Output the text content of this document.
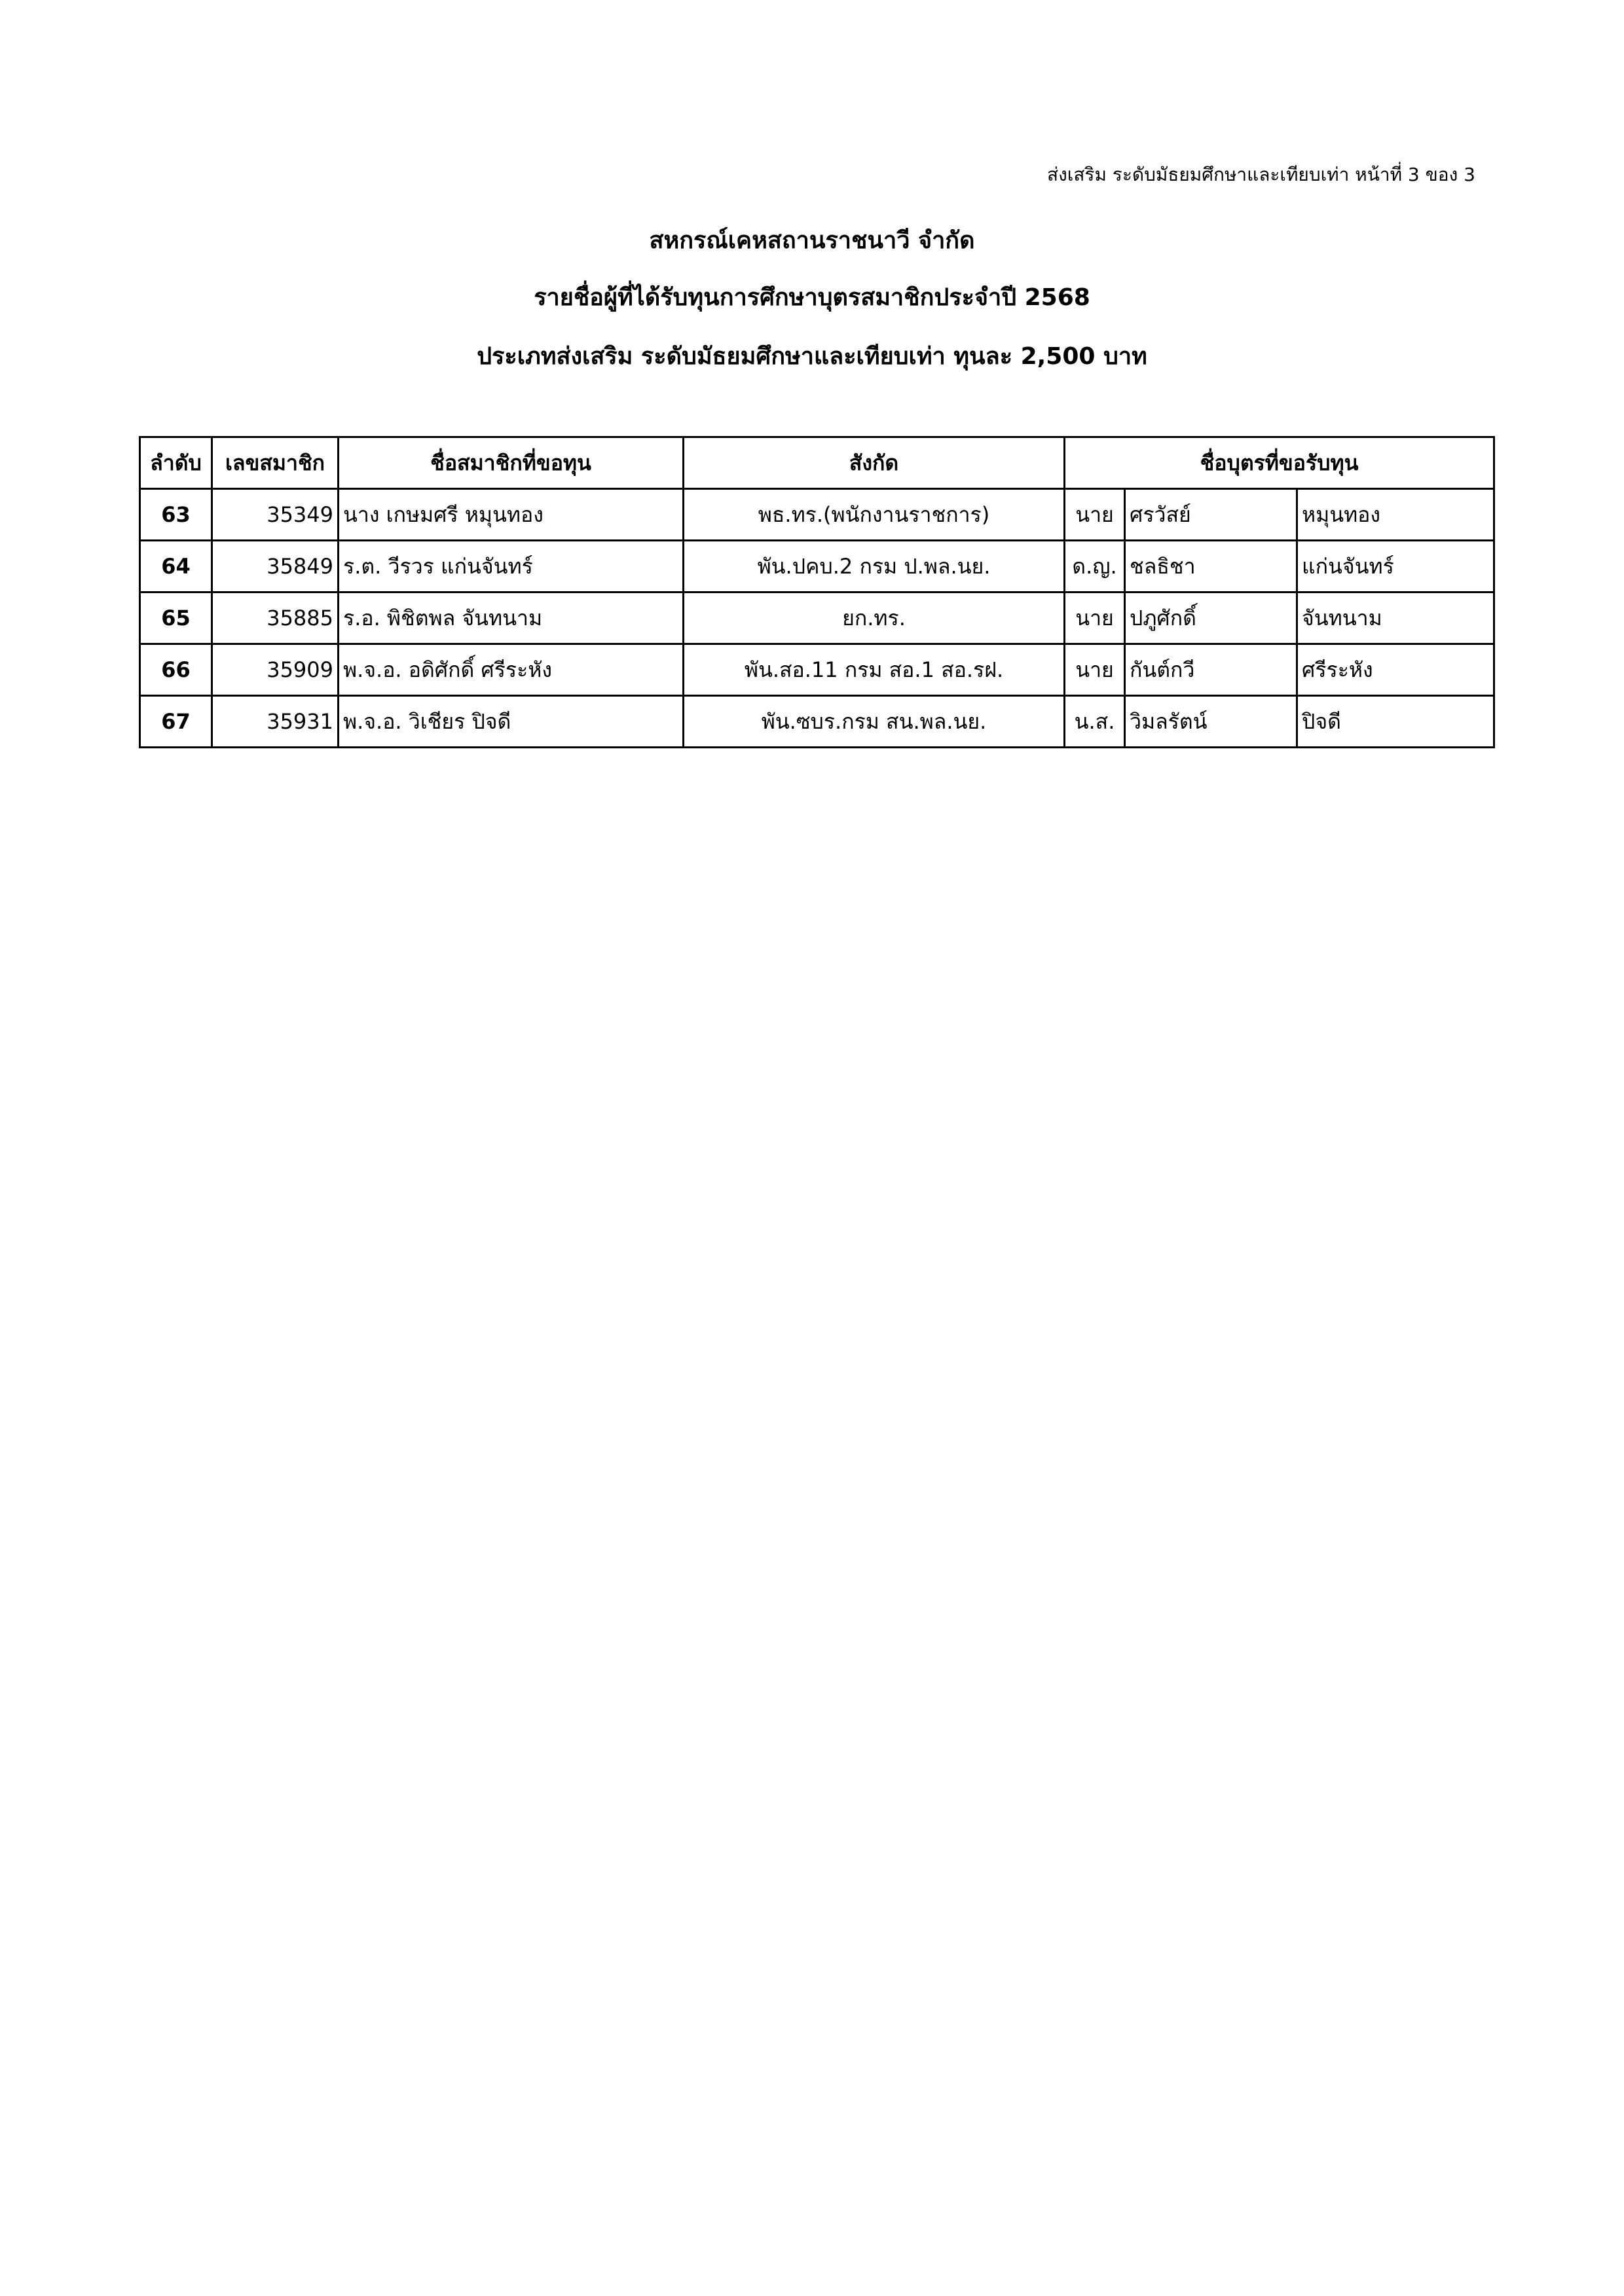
ส่งเสริม ระดับมัธยมศึกษาและเทียบเท่า หน้าที่ 3 ของ 3
สหกรณ์เคหสถานราชนาวี จำกัด
รายชื่อผู้ที่ได้รับทุนการศึกษาบุตรสมาชิกประจำปี 2568
ประเภทส่งเสริม ระดับมัธยมศึกษาและเทียบเท่า ทุนละ 2,500 บาท
ลำดับ	เลขสมาชิก	ชื่อสมาชิกที่ขอทุน	สังกัด	ชื่อบุตรที่ขอรับทุน		
63	35349	นาง เกษมศรี หมุนทอง	พธ.ทร.(พนักงานราชการ)	นาย	ศรวัสย์	หมุนทอง
64	35849	ร.ต. วีรวร แก่นจันทร์	พัน.ปคบ.2 กรม ป.พล.นย.	ด.ญ.	ชลธิชา	แก่นจันทร์
65	35885	ร.อ. พิชิตพล จันทนาม	ยก.ทร.	นาย	ปภูศักดิ์	จันทนาม
66	35909	พ.จ.อ. อดิศักดิ์ ศรีระหัง	พัน.สอ.11 กรม สอ.1 สอ.รฝ.	นาย	กันต์กวี	ศรีระหัง
67	35931	พ.จ.อ. วิเชียร ปิจดี	พัน.ซบร.กรม สน.พล.นย.	น.ส.	วิมลรัตน์	ปิจดี
